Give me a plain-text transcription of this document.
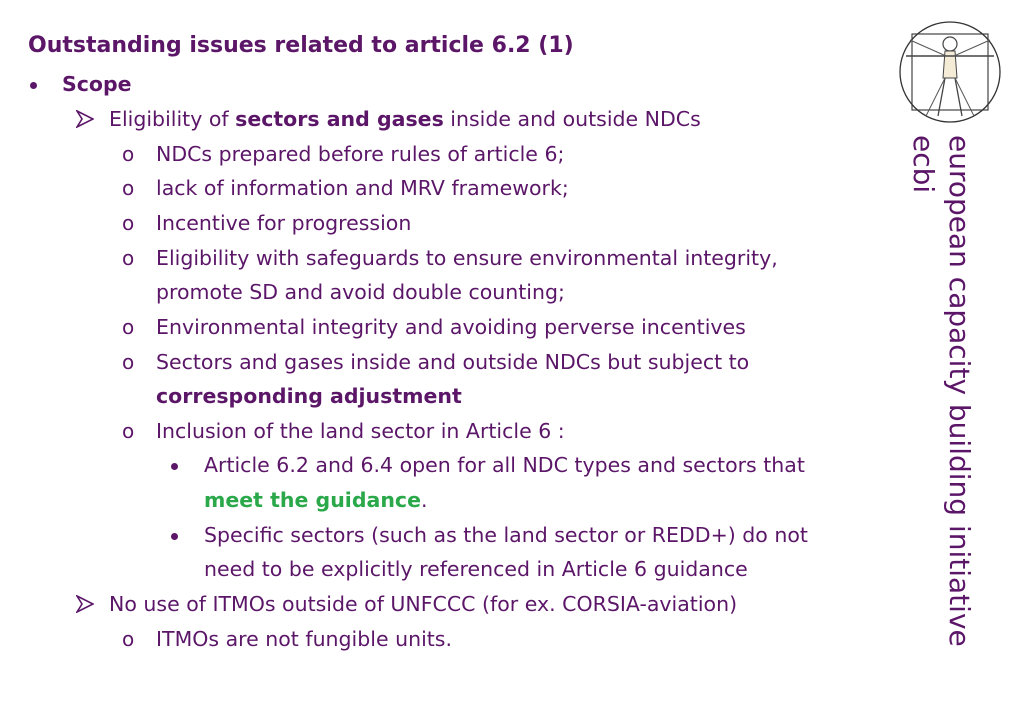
Outstanding issues related to article 6.2 (1)
Scope
Eligibility of sectors and gases inside and outside NDCs
o NDCs prepared before rules of article 6;
o lack of information and MRV framework;
o Incentive for progression
o Eligibility with safeguards to ensure environmental integrity,
promote SD and avoid double counting;
o Environmental integrity and avoiding perverse incentives
o Sectors and gases inside and outside NDCs but subject to
corresponding adjustment
o Inclusion of the land sector in Article 6 :
Article 6.2 and 6.4 open for all NDC types and sectors that
meet the guidance.
Specific sectors (such as the land sector or REDD+) do not
need to be explicitly referenced in Article 6 guidance
No use of ITMOs outside of UNFCCC (for ex. CORSIA-aviation)
o ITMOs are not fungible units.	european capacity building initiative
ecbi
